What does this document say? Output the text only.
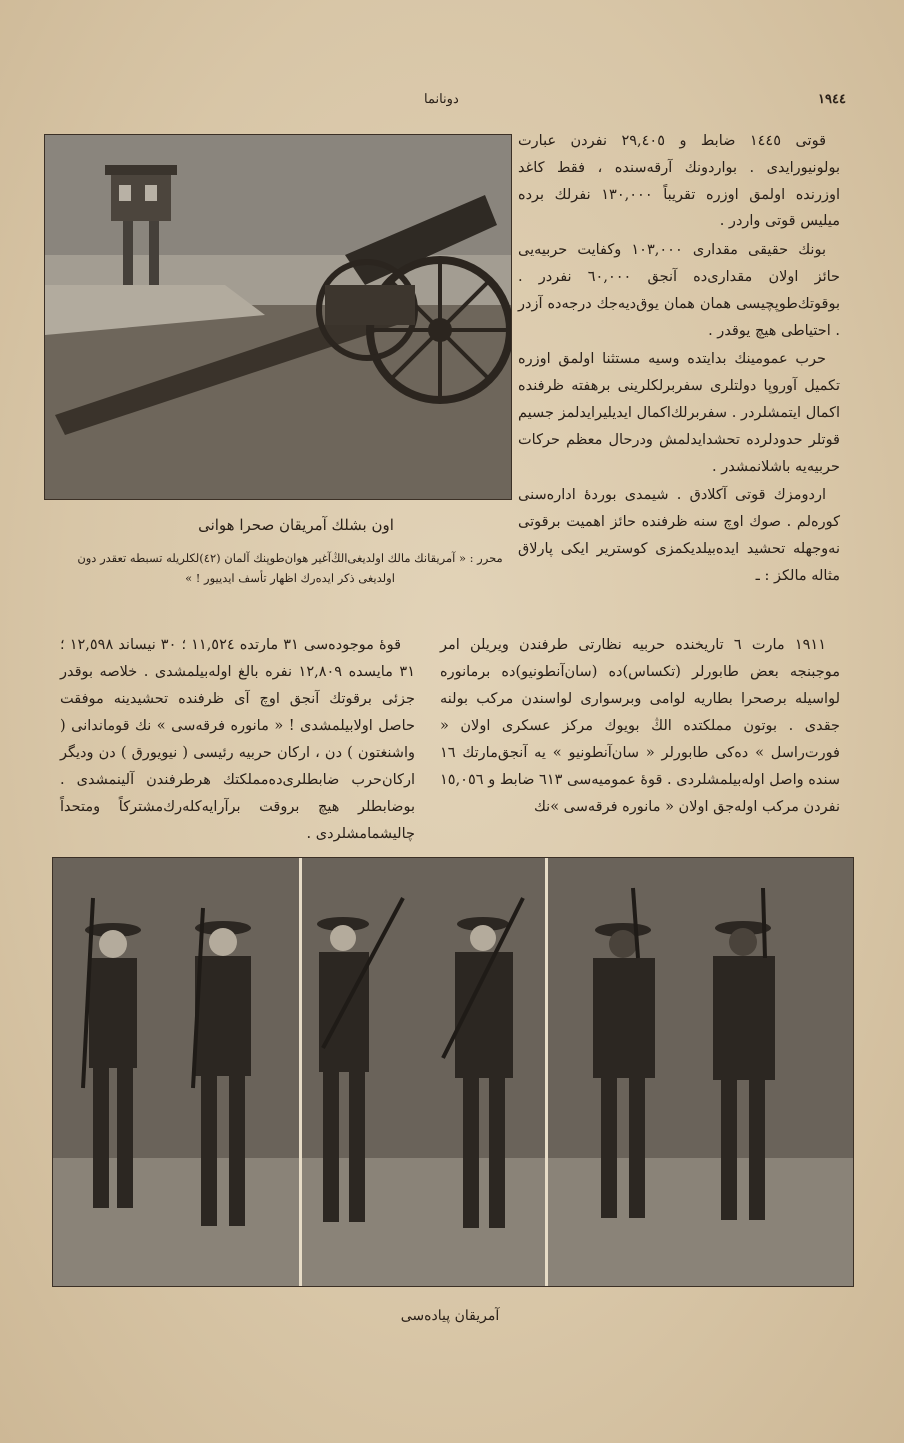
دونانما	١٩٤٤

قوتی ١٤٤٥ ضابط و ٢٩,٤٠٥ نفردن عبارت بولونیورایدی . بواردونك آرقه‌سنده ، فقط كاغد اوزرنده اولمق اوزره تقریباً ١٣٠,٠٠٠ نفرلك برده میلیس قوتی واردر .

بونك حقیقی مقداری ١٠٣,٠٠٠ وكفایت حربیه‌یی حائز اولان مقداری‌ده آنجق ٦٠,٠٠٠ نفردر . بوقوتك‌طوپچیسی همان همان یوق‌دیه‌جك درجه‌ده آزدر . احتیاطی هیچ یوقدر .

حرب عمومینك بدایتده وسیه مستثنا اولمق اوزره تكمیل آوروپا دولتلری سفربرلكلرینی برهفته ظرفنده اكمال ایتمشلردر . سفربرلك‌اكمال ایدیلیرایدلمز جسیم قوتلر حدودلرده تحشدایدلمش ودرحال معظم حركات حربیه‌یه باشلانمشدر .

اردومزك قوتی آكلادق . شیمدی بوردۀ اداره‌سنی كوره‌لم . صوك اوچ سنه ظرفنده حائز اهمیت برقوتی نه‌وجهله تحشید ایده‌بیلدیكمزی كوستریر ایكی پارلاق مثاله مالكز : ـ

اون بشلك آمریقان صحرا هوانی
محرر : « آمریقانك مالك اولدیغی‌الڭ‌آغیر هوان‌طوپنك آلمان (٤٢)لكلریله تسبطه تعقدر دون اولدیغی ذكر ایده‌رك اظهار تأسف ایدییور ! »

قوۀ موجوده‌سی ٣١ مارتده ١١,٥٢٤ ؛ ٣٠ نیساند ١٢,٥٩٨ ؛ ٣١ مایسده ١٢,٨٠٩ نفره بالغ اوله‌بیلمشدی . خلاصه بوقدر جزئی برقوتك آنجق اوچ آی ظرفنده تحشیدینه موفقت حاصل اولابیلمشدی ! « مانوره فرقه‌سی » نك قوماندانی ( واشنغتون ) دن ، اركان حربیه رئیسی ( نیویورق ) دن ودیگر اركان‌حرب ضابطلری‌ده‌مملكتك هرطرفندن آلینمشدی . بوضابطلر هیچ برو‌قت برآرایه‌كله‌رك‌مشتركاً ومتحداً چالیشمامشلردی .

١٩١١ مارت ٦ تاریخنده حربیه نظارتی طرفندن ویریلن امر موجبنجه بعض طابورلر (تكساس)ده (سان‌آنطونیو)ده برمانوره لواسیله برصحرا بطاریه لوامی وبرسواری لواسندن مركب بولنه جقدی . بوتون مملكتده الڭ بویوك مركز عسكری اولان « فورت‌راسل » ده‌كی طابورلر « سان‌آنطونیو » یه آنجق‌مارتك ١٦ سنده واصل اوله‌بیلمشلردی . قوۀ عمومیه‌سی ٦١٣ ضابط و ١٥,٠٥٦ نفردن مركب اوله‌جق اولان « مانوره فرقه‌سی »نك

آمریقان پیاده‌سی
